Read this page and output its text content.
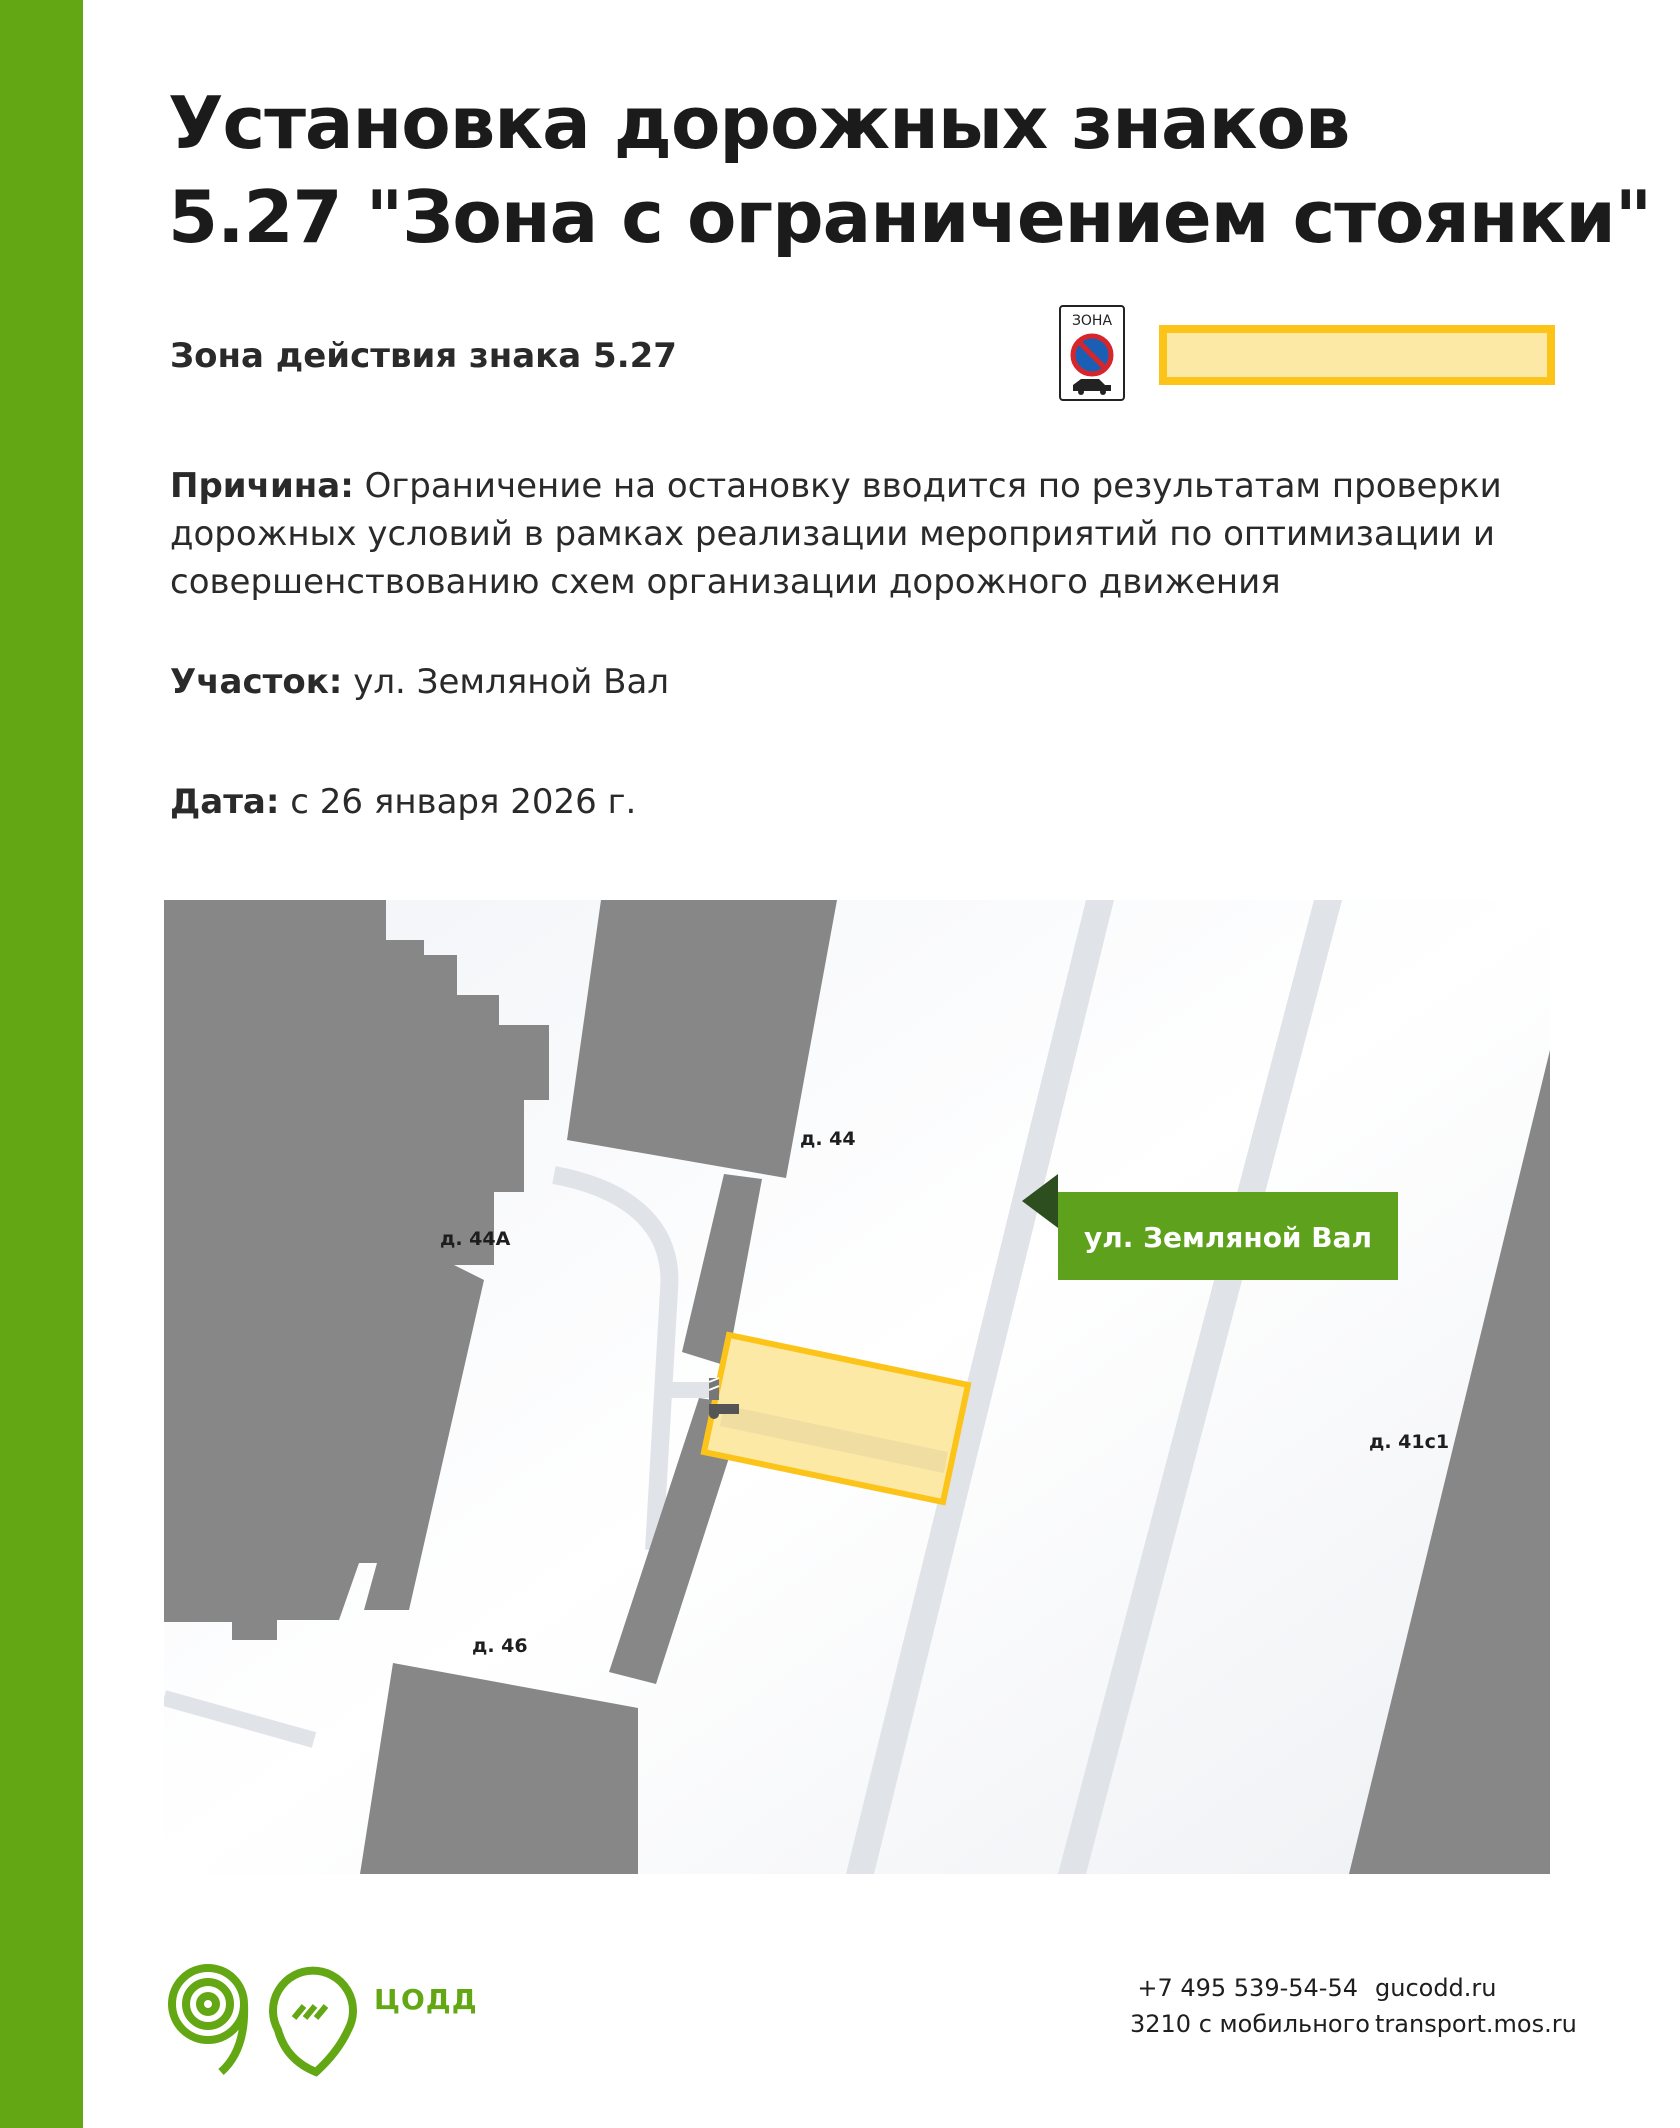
Установка дорожных знаков
5.27 "Зона с ограничением стоянки"
Зона действия знака 5.27
ЗОНА
Причина: Ограничение на остановку вводится по результатам проверки
дорожных условий в рамках реализации мероприятий по оптимизации и
совершенствованию схем организации дорожного движения
Участок: ул. Земляной Вал
Дата: с 26 января 2026 г.
ул. Земляной Вал
д. 44
д. 44А
д. 46
д. 41с1
ЦОДД	+7 495 539-54-54
3210 с мобильного
gucodd.ru
transport.mos.ru
